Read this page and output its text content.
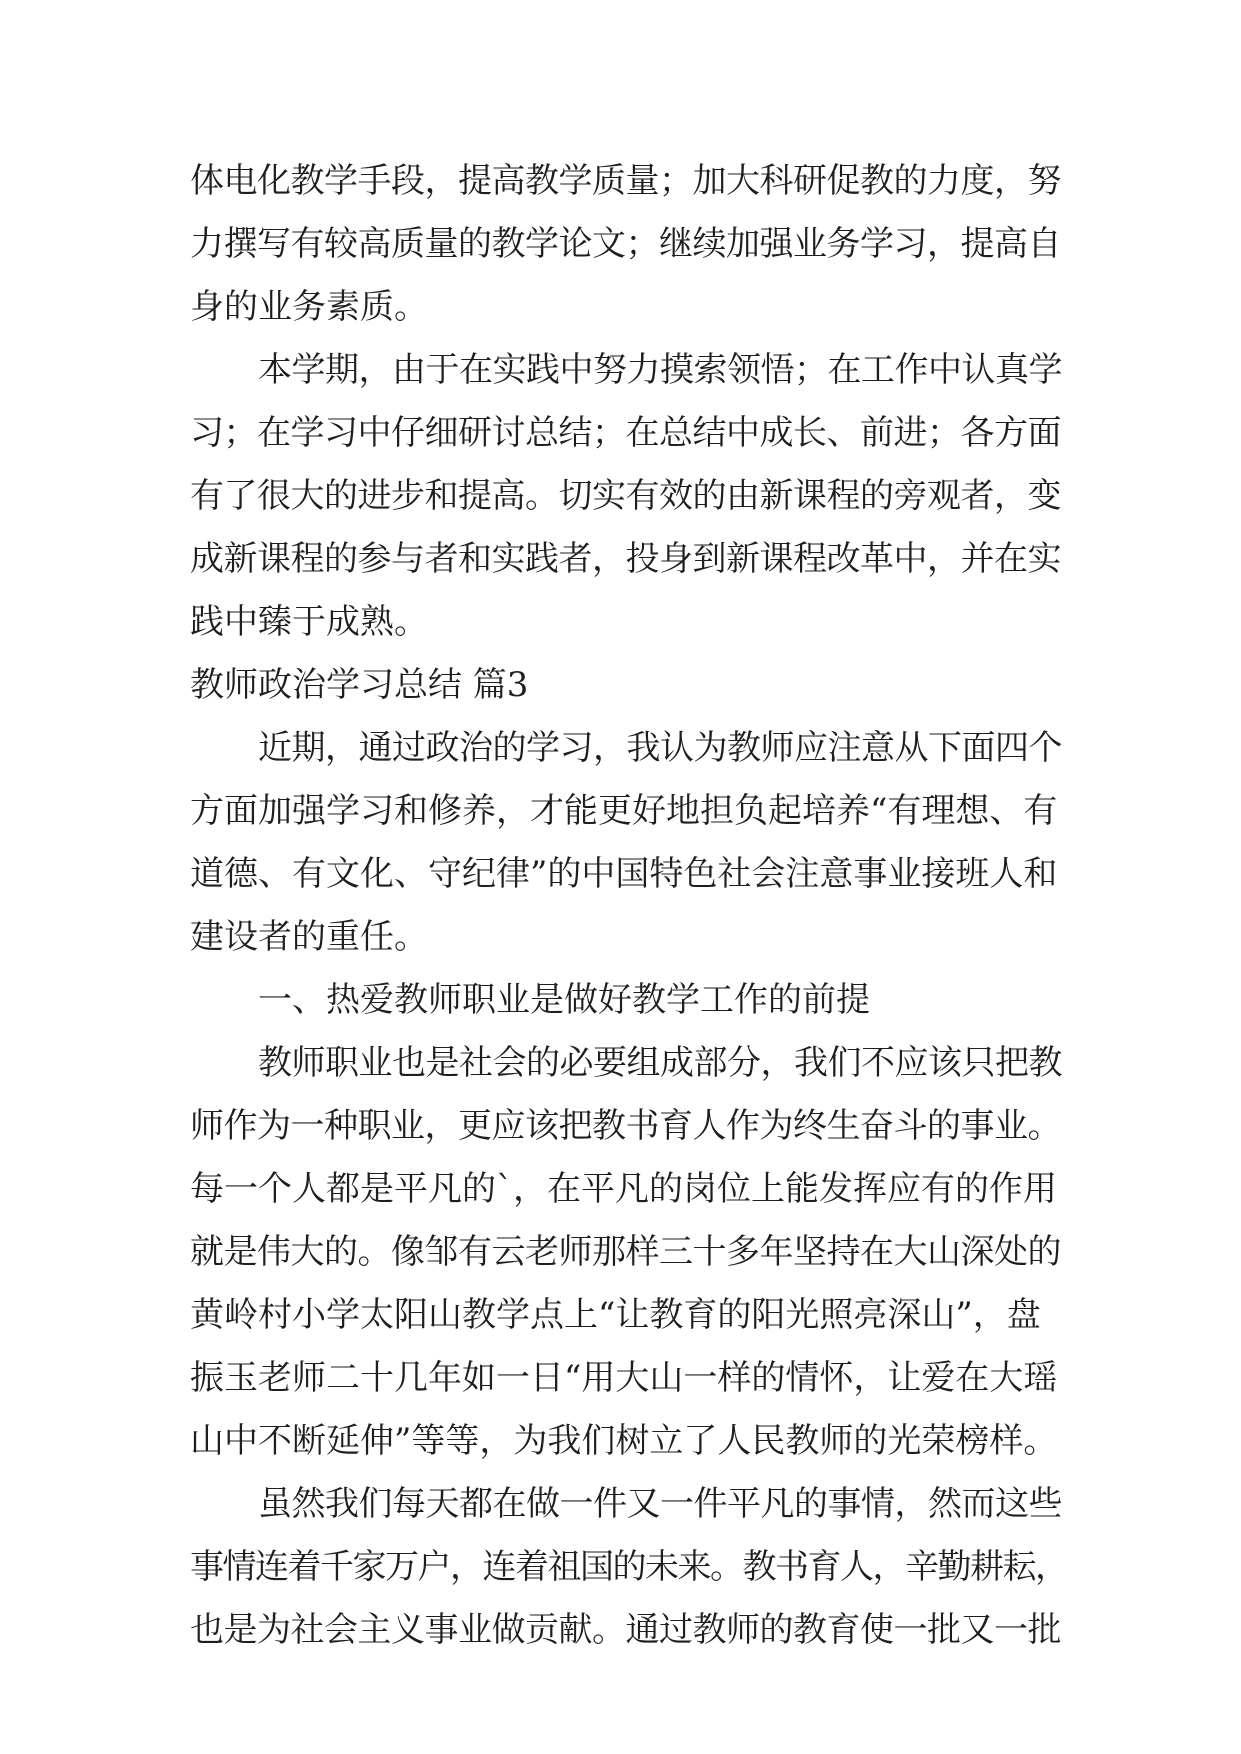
体电化教学手段，提高教学质量；加大科研促教的力度，努
力撰写有较高质量的教学论文；继续加强业务学习，提高自
身的业务素质。
本学期，由于在实践中努力摸索领悟；在工作中认真学
习；在学习中仔细研讨总结；在总结中成长、前进；各方面
有了很大的进步和提高。切实有效的由新课程的旁观者，变
成新课程的参与者和实践者，投身到新课程改革中，并在实
践中臻于成熟。
教师政治学习总结 篇3
近期，通过政治的学习，我认为教师应注意从下面四个
方面加强学习和修养，才能更好地担负起培养“有理想、有
道德、有文化、守纪律”的中国特色社会注意事业接班人和
建设者的重任。
一、热爱教师职业是做好教学工作的前提
教师职业也是社会的必要组成部分，我们不应该只把教
师作为一种职业，更应该把教书育人作为终生奋斗的事业。
每一个人都是平凡的`，在平凡的岗位上能发挥应有的作用
就是伟大的。像邹有云老师那样三十多年坚持在大山深处的
黄岭村小学太阳山教学点上“让教育的阳光照亮深山”，盘
振玉老师二十几年如一日“用大山一样的情怀，让爱在大瑶
山中不断延伸”等等，为我们树立了人民教师的光荣榜样。
虽然我们每天都在做一件又一件平凡的事情，然而这些
事情连着千家万户，连着祖国的未来。教书育人，辛勤耕耘，
也是为社会主义事业做贡献。通过教师的教育使一批又一批
